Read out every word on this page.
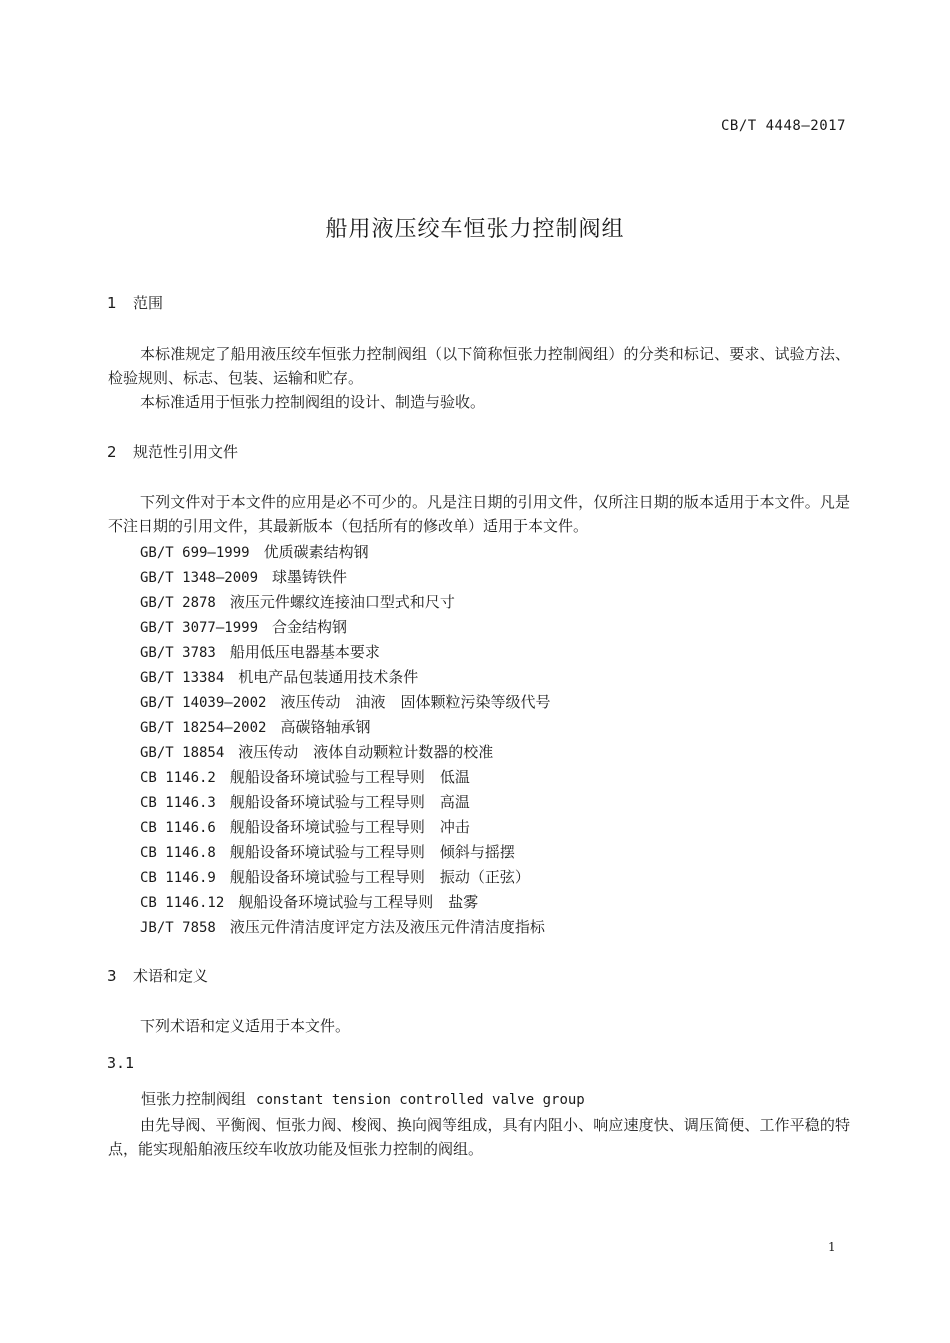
CB/T 4448—2017
船用液压绞车恒张力控制阀组
1 范围
本标准规定了船用液压绞车恒张力控制阀组（以下简称恒张力控制阀组）的分类和标记、要求、试验方法、检验规则、标志、包装、运输和贮存。
本标准适用于恒张力控制阀组的设计、制造与验收。
2 规范性引用文件
下列文件对于本文件的应用是必不可少的。凡是注日期的引用文件，仅所注日期的版本适用于本文件。凡是不注日期的引用文件，其最新版本（包括所有的修改单）适用于本文件。
GB/T 699—1999 优质碳素结构钢
GB/T 1348—2009 球墨铸铁件
GB/T 2878 液压元件螺纹连接油口型式和尺寸
GB/T 3077—1999 合金结构钢
GB/T 3783 船用低压电器基本要求
GB/T 13384 机电产品包装通用技术条件
GB/T 14039—2002 液压传动　油液　固体颗粒污染等级代号
GB/T 18254—2002 高碳铬轴承钢
GB/T 18854 液压传动　液体自动颗粒计数器的校准
CB 1146.2 舰船设备环境试验与工程导则　低温
CB 1146.3 舰船设备环境试验与工程导则　高温
CB 1146.6 舰船设备环境试验与工程导则　冲击
CB 1146.8 舰船设备环境试验与工程导则　倾斜与摇摆
CB 1146.9 舰船设备环境试验与工程导则　振动（正弦）
CB 1146.12 舰船设备环境试验与工程导则　盐雾
JB/T 7858 液压元件清洁度评定方法及液压元件清洁度指标
3 术语和定义
下列术语和定义适用于本文件。
3.1
恒张力控制阀组 constant tension controlled valve group
由先导阀、平衡阀、恒张力阀、梭阀、换向阀等组成，具有内阻小、响应速度快、调压简便、工作平稳的特点，能实现船舶液压绞车收放功能及恒张力控制的阀组。
1
